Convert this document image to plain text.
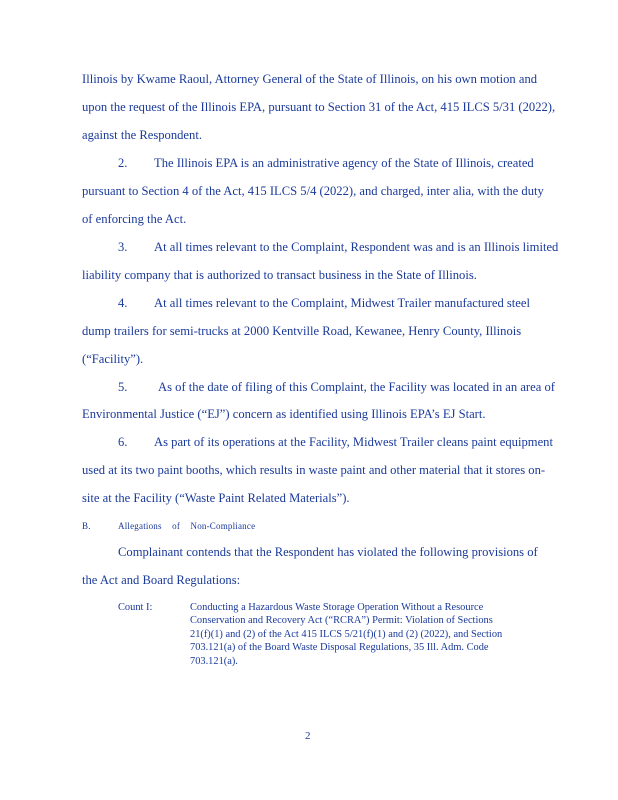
Illinois by Kwame Raoul, Attorney General of the State of Illinois, on his own motion and
upon the request of the Illinois EPA, pursuant to Section 31 of the Act, 415 ILCS 5/31 (2022),
against the Respondent.
2. The Illinois EPA is an administrative agency of the State of Illinois, created
pursuant to Section 4 of the Act, 415 ILCS 5/4 (2022), and charged, inter alia, with the duty
of enforcing the Act.
3. At all times relevant to the Complaint, Respondent was and is an Illinois limited
liability company that is authorized to transact business in the State of Illinois.
4. At all times relevant to the Complaint, Midwest Trailer manufactured steel
dump trailers for semi-trucks at 2000 Kentville Road, Kewanee, Henry County, Illinois
(“Facility”).
5. As of the date of filing of this Complaint, the Facility was located in an area of
Environmental Justice (“EJ”) concern as identified using Illinois EPA’s EJ Start.
6. As part of its operations at the Facility, Midwest Trailer cleans paint equipment
used at its two paint booths, which results in waste paint and other material that it stores on-
site at the Facility (“Waste Paint Related Materials”).
B.	Allegations of Non-Compliance
Complainant contends that the Respondent has violated the following provisions of
the Act and Board Regulations:
Count I:	Conducting a Hazardous Waste Storage Operation Without a Resource
Conservation and Recovery Act (“RCRA”) Permit: Violation of Sections
21(f)(1) and (2) of the Act 415 ILCS 5/21(f)(1) and (2) (2022), and Section
703.121(a) of the Board Waste Disposal Regulations, 35 Ill. Adm. Code
703.121(a).
2
